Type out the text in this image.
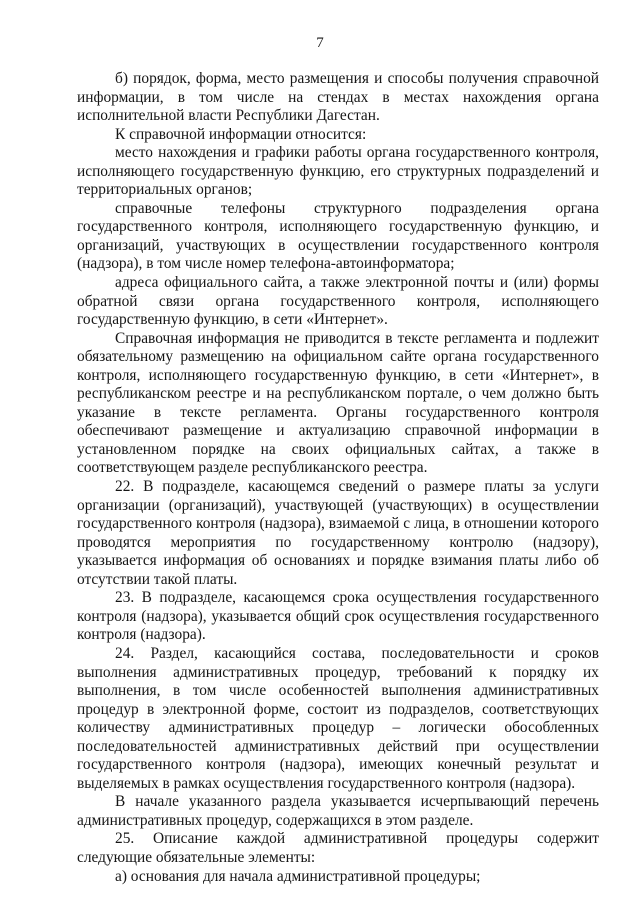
7

б) порядок, форма, место размещения и способы получения справочной информации, в том числе на стендах в местах нахождения органа исполнительной власти Республики Дагестан.

К справочной информации относится:

место нахождения и графики работы органа государственного контроля, исполняющего государственную функцию, его структурных подразделений и территориальных органов;

справочные телефоны структурного подразделения органа государственного контроля, исполняющего государственную функцию, и организаций, участвующих в осуществлении государственного контроля (надзора), в том числе номер телефона-автоинформатора;

адреса официального сайта, а также электронной почты и (или) формы обратной связи органа государственного контроля, исполняющего государственную функцию, в сети «Интернет».

Справочная информация не приводится в тексте регламента и подлежит обязательному размещению на официальном сайте органа государственного контроля, исполняющего государственную функцию, в сети «Интернет», в республиканском реестре и на республиканском портале, о чем должно быть указание в тексте регламента. Органы государственного контроля обеспечивают размещение и актуализацию справочной информации в установленном порядке на своих официальных сайтах, а также в соответствующем разделе республиканского реестра.

22. В подразделе, касающемся сведений о размере платы за услуги организации (организаций), участвующей (участвующих) в осуществлении государственного контроля (надзора), взимаемой с лица, в отношении которого проводятся мероприятия по государственному контролю (надзору), указывается информация об основаниях и порядке взимания платы либо об отсутствии такой платы.

23. В подразделе, касающемся срока осуществления государственного контроля (надзора), указывается общий срок осуществления государственного контроля (надзора).

24. Раздел, касающийся состава, последовательности и сроков выполнения административных процедур, требований к порядку их выполнения, в том числе особенностей выполнения административных процедур в электронной форме, состоит из подразделов, соответствующих количеству административных процедур – логически обособленных последовательностей административных действий при осуществлении государственного контроля (надзора), имеющих конечный результат и выделяемых в рамках осуществления государственного контроля (надзора).

В начале указанного раздела указывается исчерпывающий перечень административных процедур, содержащихся в этом разделе.

25. Описание каждой административной процедуры содержит следующие обязательные элементы:

а) основания для начала административной процедуры;
